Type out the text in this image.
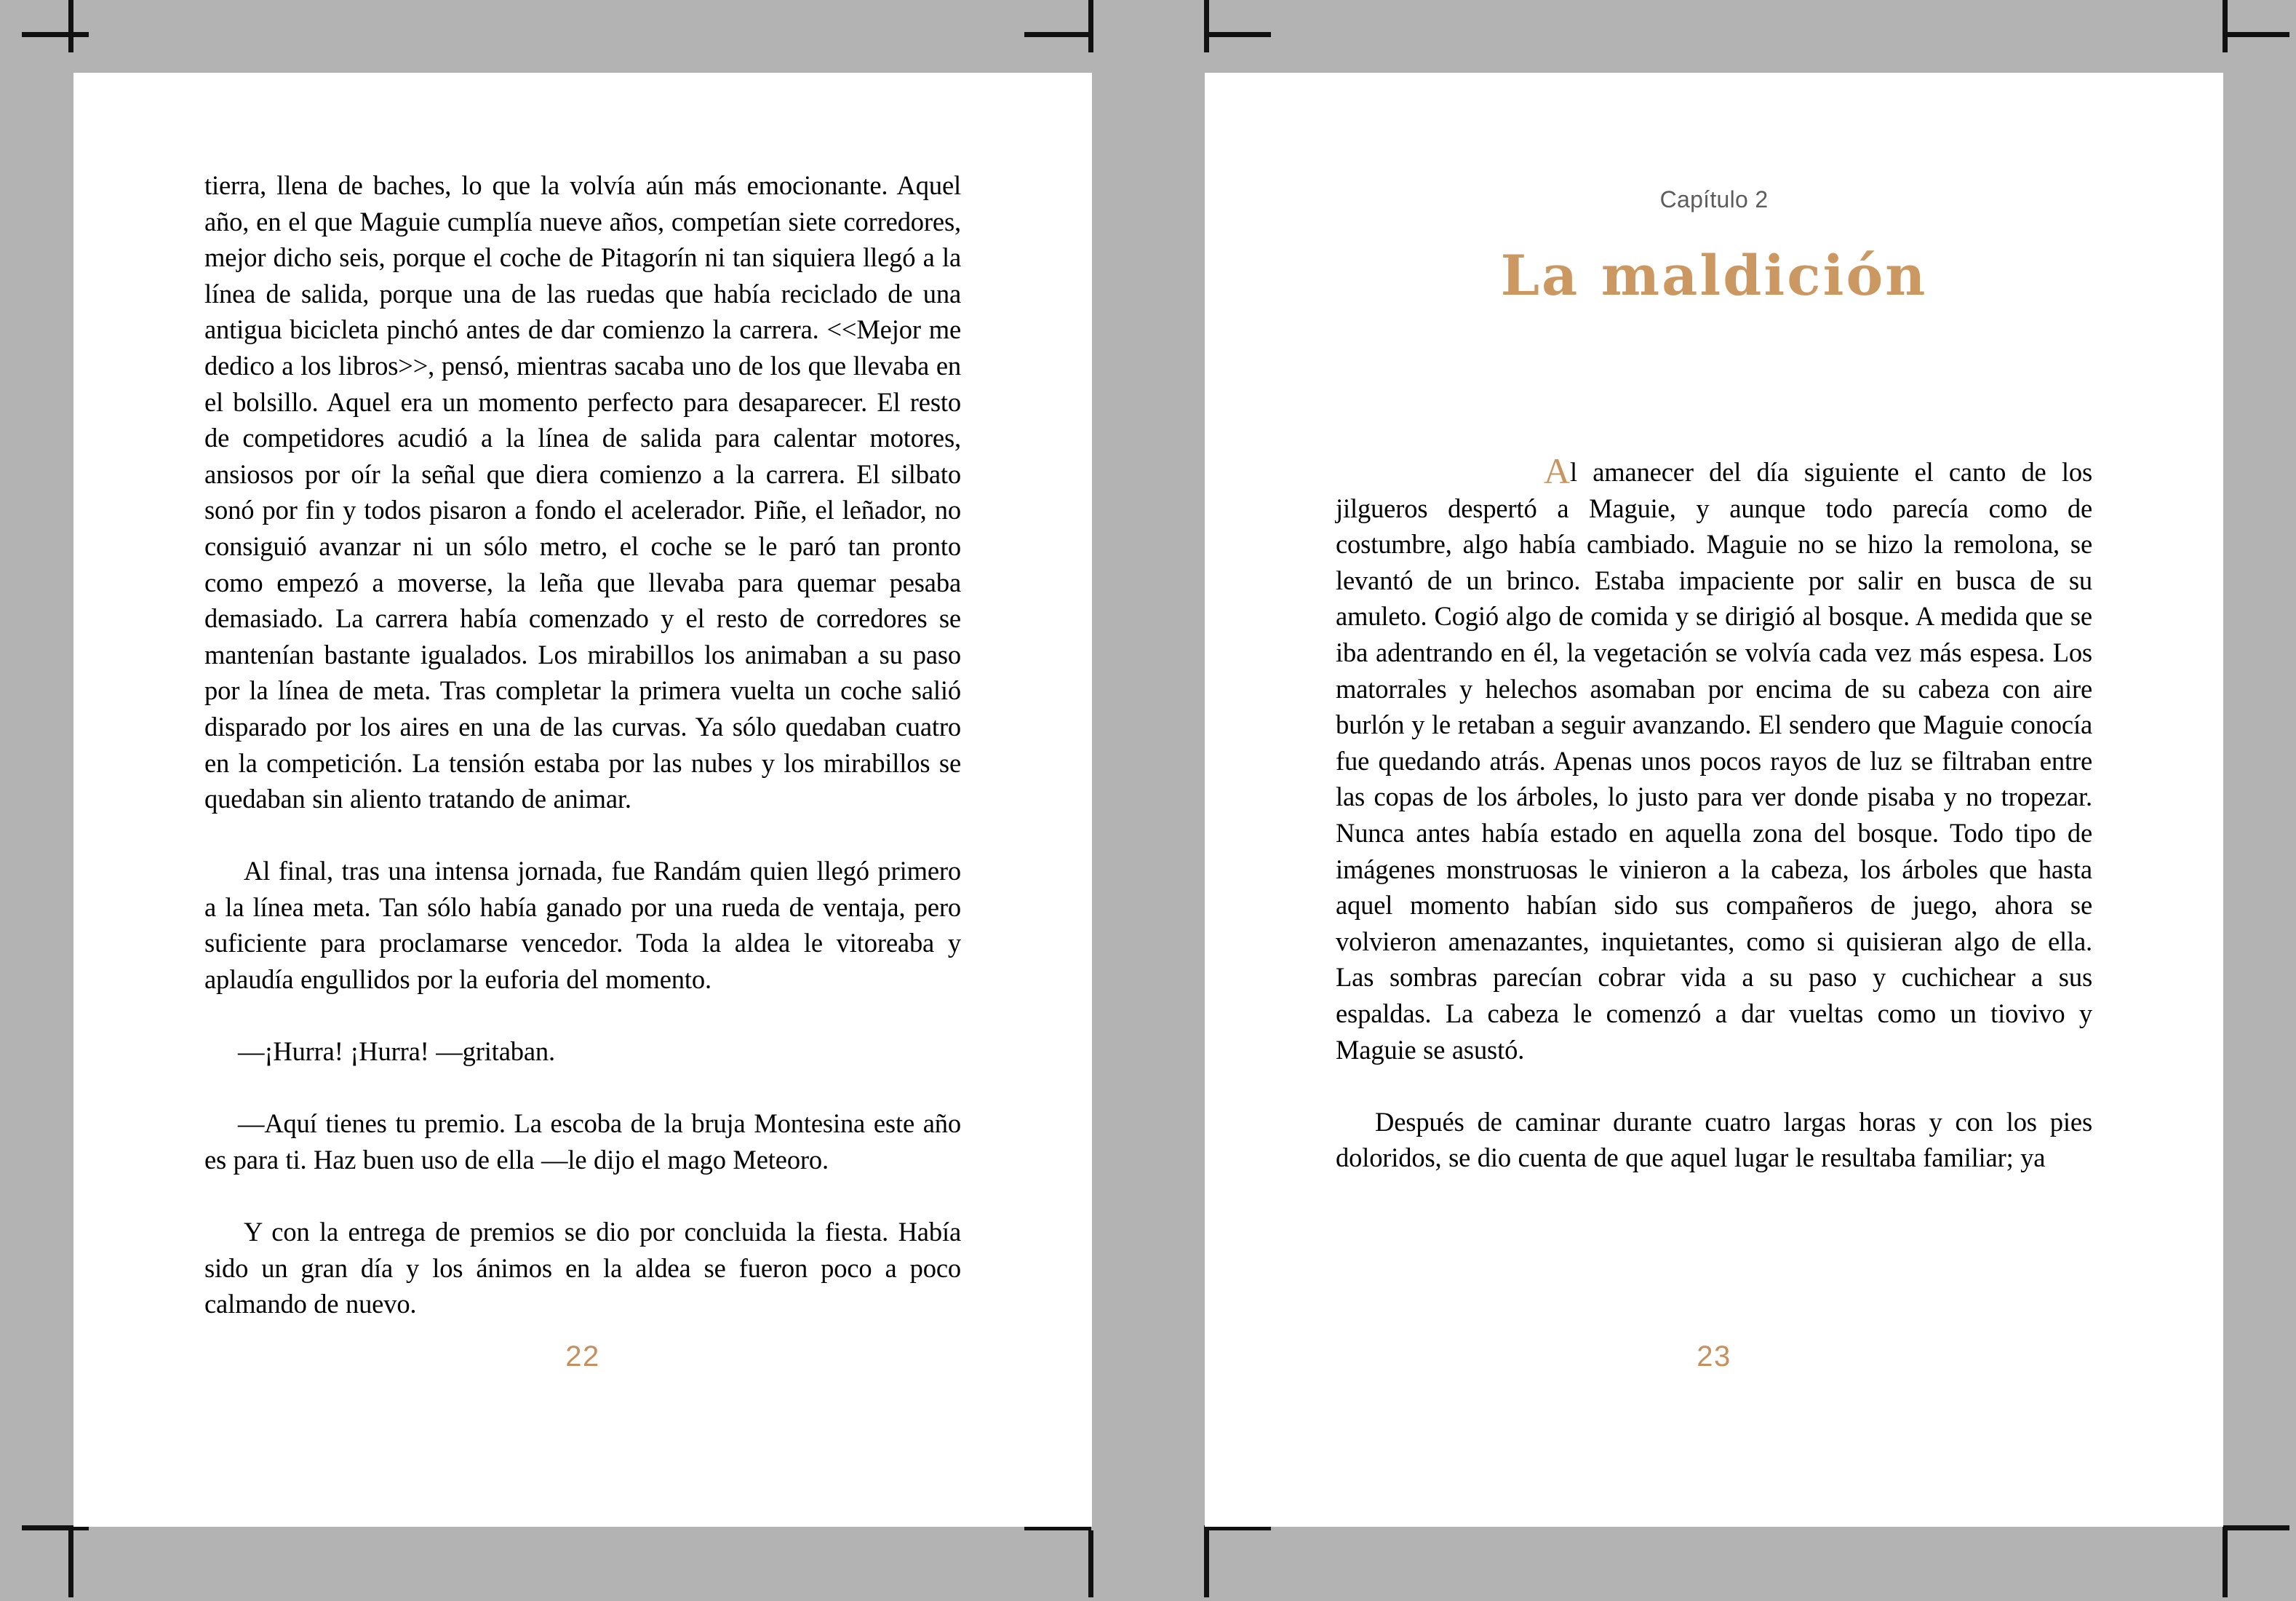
tierra, llena de baches, lo que la volvía aún más emocionante. Aquel año, en el que Maguie cumplía nueve años, competían siete corredores, mejor dicho seis, porque el coche de Pitagorín ni tan siquiera llegó a la línea de salida, porque una de las ruedas que había reciclado de una antigua bicicleta pinchó antes de dar comienzo la carrera. <<Mejor me dedico a los libros>>, pensó, mientras sacaba uno de los que llevaba en el bolsillo. Aquel era un momento perfecto para desaparecer. El resto de competidores acudió a la línea de salida para calentar motores, ansiosos por oír la señal que diera comienzo a la carrera. El silbato sonó por fin y todos pisaron a fondo el acelerador. Piñe, el leñador, no consiguió avanzar ni un sólo metro, el coche se le paró tan pronto como empezó a moverse, la leña que llevaba para quemar pesaba demasiado. La carrera había comenzado y el resto de corredores se mantenían bastante igualados. Los mirabillos los animaban a su paso por la línea de meta. Tras completar la primera vuelta un coche salió disparado por los aires en una de las curvas. Ya sólo quedaban cuatro en la competición. La tensión estaba por las nubes y los mirabillos se quedaban sin aliento tratando de animar.

Al final, tras una intensa jornada, fue Randám quien llegó primero a la línea meta. Tan sólo había ganado por una rueda de ventaja, pero suficiente para proclamarse vencedor. Toda la aldea le vitoreaba y aplaudía engullidos por la euforia del momento.

—¡Hurra! ¡Hurra! —gritaban.

—Aquí tienes tu premio. La escoba de la bruja Montesina este año es para ti. Haz buen uso de ella —le dijo el mago Meteoro.

Y con la entrega de premios se dio por concluida la fiesta. Había sido un gran día y los ánimos en la aldea se fueron poco a poco calmando de nuevo.

22
Capítulo 2
La maldición

Al amanecer del día siguiente el canto de los jilgueros despertó a Maguie, y aunque todo parecía como de costumbre, algo había cambiado. Maguie no se hizo la remolona, se levantó de un brinco. Estaba impaciente por salir en busca de su amuleto. Cogió algo de comida y se dirigió al bosque. A medida que se iba adentrando en él, la vegetación se volvía cada vez más espesa. Los matorrales y helechos asomaban por encima de su cabeza con aire burlón y le retaban a seguir avanzando. El sendero que Maguie conocía fue quedando atrás. Apenas unos pocos rayos de luz se filtraban entre las copas de los árboles, lo justo para ver donde pisaba y no tropezar. Nunca antes había estado en aquella zona del bosque. Todo tipo de imágenes monstruosas le vinieron a la cabeza, los árboles que hasta aquel momento habían sido sus compañeros de juego, ahora se volvieron amenazantes, inquietantes, como si quisieran algo de ella. Las sombras parecían cobrar vida a su paso y cuchichear a sus espaldas. La cabeza le comenzó a dar vueltas como un tiovivo y Maguie se asustó.

Después de caminar durante cuatro largas horas y con los pies doloridos, se dio cuenta de que aquel lugar le resultaba familiar; ya

23
